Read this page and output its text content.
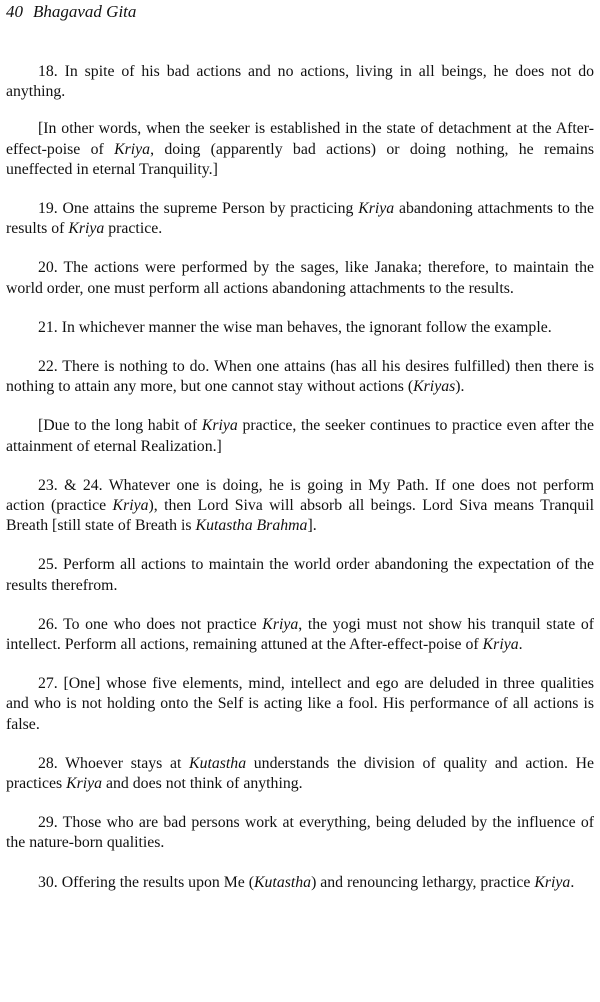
40 Bhagavad Gita

18. In spite of his bad actions and no actions, living in all beings, he does not do anything.

[In other words, when the seeker is established in the state of detachment at the After-effect-poise of Kriya, doing (apparently bad actions) or doing nothing, he remains uneffected in eternal Tranquility.]

19. One attains the supreme Person by practicing Kriya abandoning attachments to the results of Kriya practice.

20. The actions were performed by the sages, like Janaka; therefore, to maintain the world order, one must perform all actions abandoning attachments to the results.

21. In whichever manner the wise man behaves, the ignorant follow the example.

22. There is nothing to do. When one attains (has all his desires fulfilled) then there is nothing to attain any more, but one cannot stay without actions (Kriyas).

[Due to the long habit of Kriya practice, the seeker continues to practice even after the attainment of eternal Realization.]

23. & 24. Whatever one is doing, he is going in My Path. If one does not perform action (practice Kriya), then Lord Siva will absorb all beings. Lord Siva means Tranquil Breath [still state of Breath is Kutastha Brahma].

25. Perform all actions to maintain the world order abandoning the expectation of the results therefrom.

26. To one who does not practice Kriya, the yogi must not show his tranquil state of intellect. Perform all actions, remaining attuned at the After-effect-poise of Kriya.

27. [One] whose five elements, mind, intellect and ego are deluded in three qualities and who is not holding onto the Self is acting like a fool. His performance of all actions is false.

28. Whoever stays at Kutastha understands the division of quality and action. He practices Kriya and does not think of anything.

29. Those who are bad persons work at everything, being deluded by the influence of the nature-born qualities.

30. Offering the results upon Me (Kutastha) and renouncing lethargy, practice Kriya.
